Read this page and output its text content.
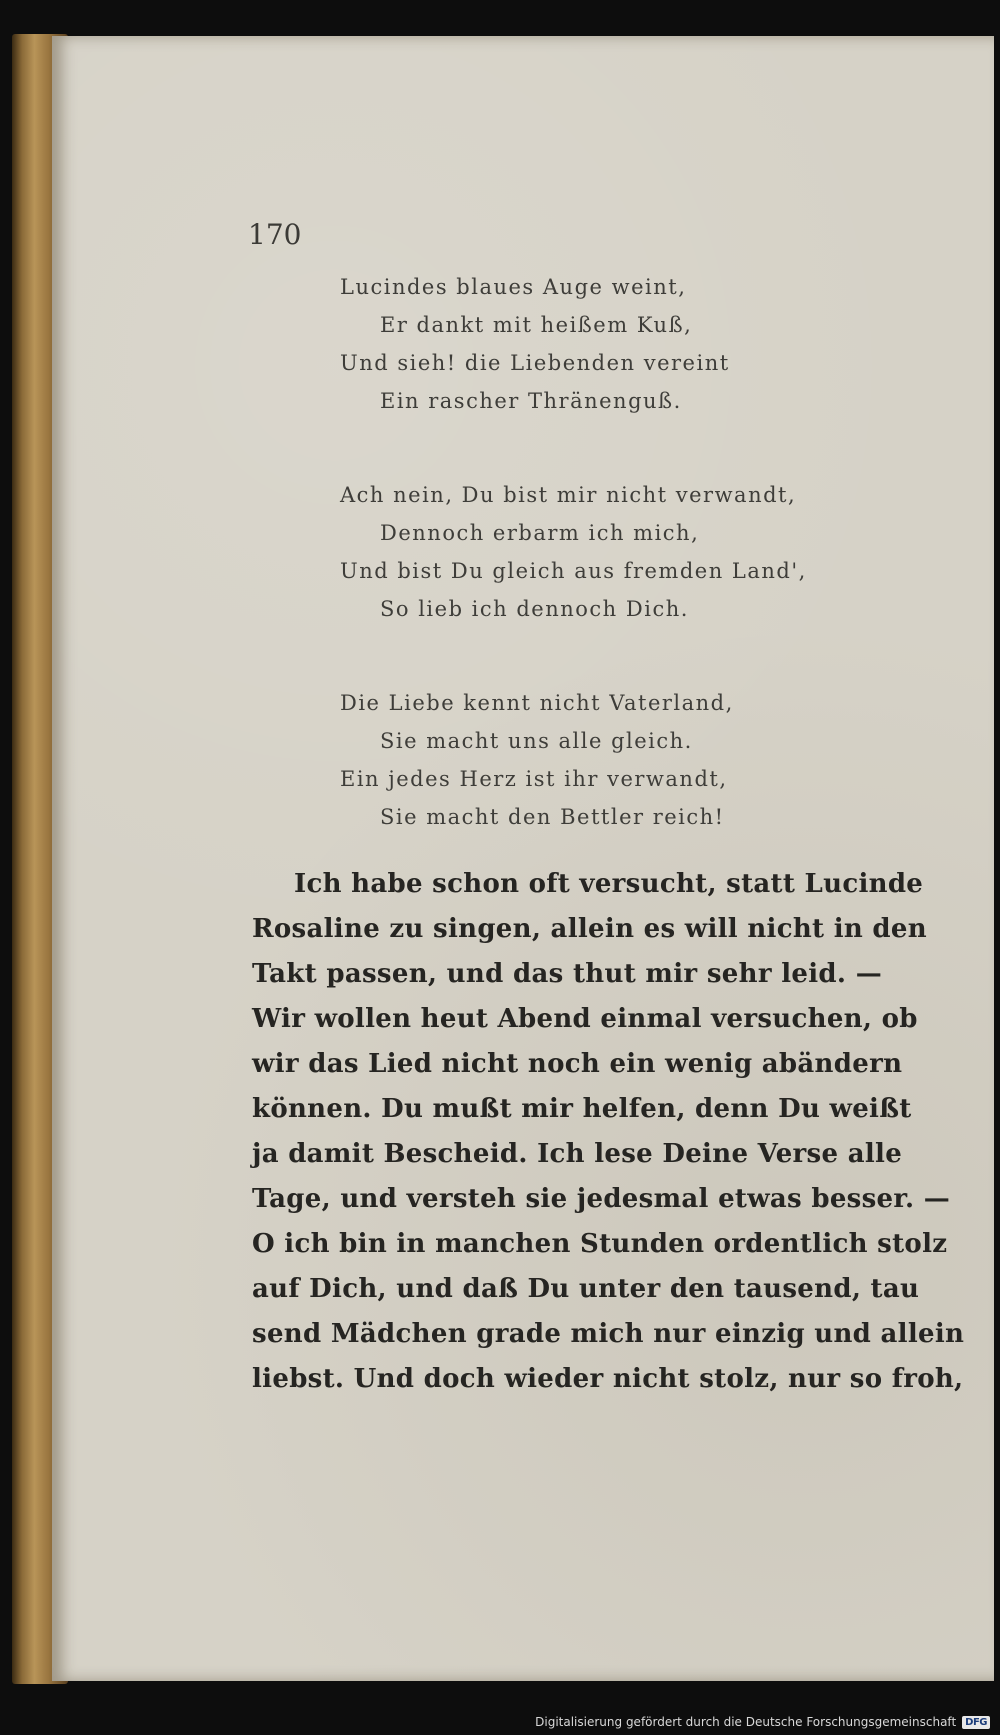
170
Lucindes blaues Auge weint,
Er dankt mit heißem Kuß,
Und sieh! die Liebenden vereint
Ein rascher Thränenguß.
Ach nein, Du bist mir nicht verwandt,
Dennoch erbarm ich mich,
Und bist Du gleich aus fremden Land',
So lieb ich dennoch Dich.
Die Liebe kennt nicht Vaterland,
Sie macht uns alle gleich.
Ein jedes Herz ist ihr verwandt,
Sie macht den Bettler reich!
Ich habe schon oft versucht, statt Lucinde
Rosaline zu singen, allein es will nicht in den
Takt passen, und das thut mir sehr leid. —
Wir wollen heut Abend einmal versuchen, ob
wir das Lied nicht noch ein wenig abändern
können. Du mußt mir helfen, denn Du weißt
ja damit Bescheid. Ich lese Deine Verse alle
Tage, und versteh sie jedesmal etwas besser. —
O ich bin in manchen Stunden ordentlich stolz
auf Dich, und daß Du unter den tausend, tau
send Mädchen grade mich nur einzig und allein
liebst. Und doch wieder nicht stolz, nur so froh,
Digitalisierung gefördert durch die Deutsche Forschungsgemeinschaft DFG
